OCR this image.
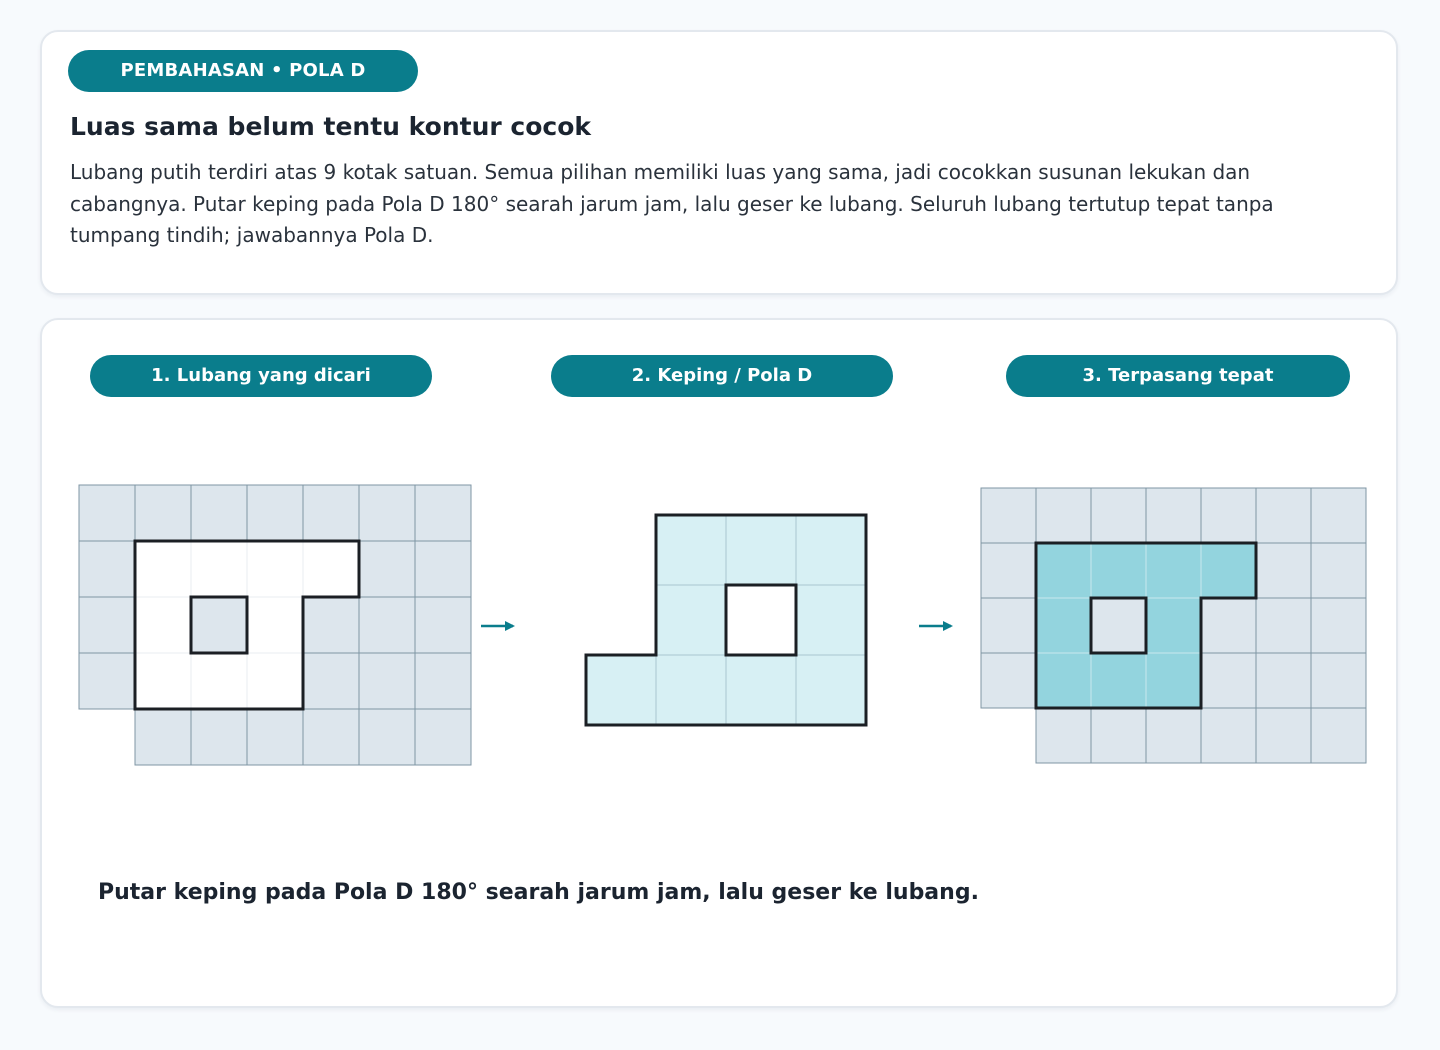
PEMBAHASAN • POLA D
Luas sama belum tentu kontur cocok

Lubang putih terdiri atas 9 kotak satuan. Semua pilihan memiliki luas yang sama, jadi cocokkan susunan lekukan dan cabangnya. Putar keping pada Pola D 180° searah jarum jam, lalu geser ke lubang. Seluruh lubang tertutup tepat tanpa tumpang tindih; jawabannya Pola D.

1. Lubang yang dicari	2. Keping / Pola D	3. Terpasang tepat

Putar keping pada Pola D 180° searah jarum jam, lalu geser ke lubang.
